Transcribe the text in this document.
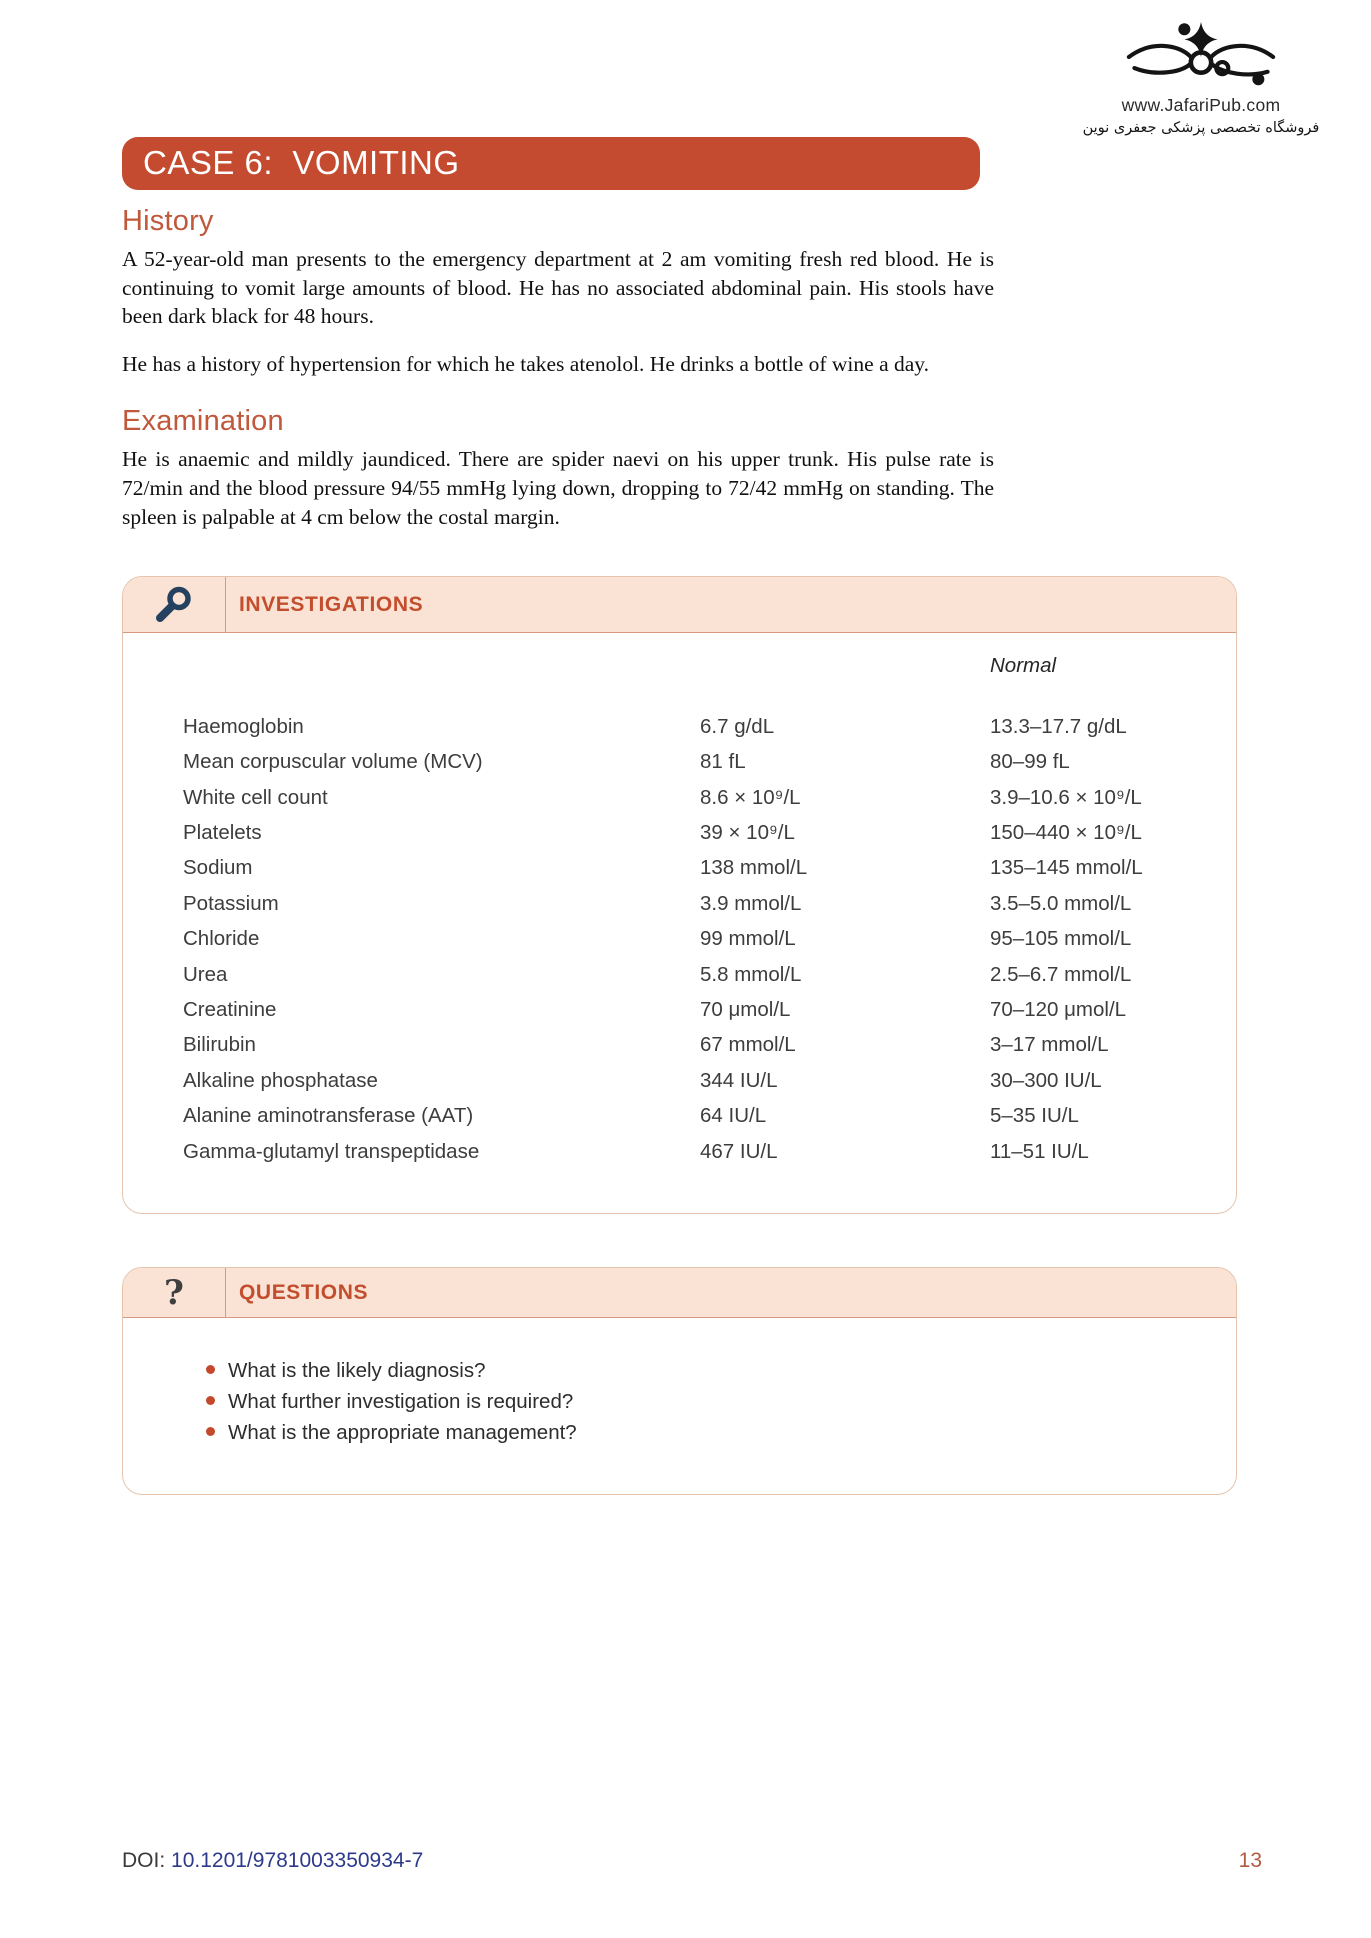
www.JafariPub.com
فروشگاه تخصصی پزشکی جعفری نوین
CASE 6:  VOMITING
History

A 52-year-old man presents to the emergency department at 2 am vomiting fresh red blood. He is continuing to vomit large amounts of blood. He has no associated abdominal pain. His stools have been dark black for 48 hours.

He has a history of hypertension for which he takes atenolol. He drinks a bottle of wine a day.

Examination

He is anaemic and mildly jaundiced. There are spider naevi on his upper trunk. His pulse rate is 72/min and the blood pressure 94/55 mmHg lying down, dropping to 72/42 mmHg on standing. The spleen is palpable at 4 cm below the costal margin.

INVESTIGATIONS
Normal
Haemoglobin	6.7 g/dL	13.3–17.7 g/dL
Mean corpuscular volume (MCV)	81 fL	80–99 fL
White cell count	8.6 × 10⁹/L	3.9–10.6 × 10⁹/L
Platelets	39 × 10⁹/L	150–440 × 10⁹/L
Sodium	138 mmol/L	135–145 mmol/L
Potassium	3.9 mmol/L	3.5–5.0 mmol/L
Chloride	99 mmol/L	95–105 mmol/L
Urea	5.8 mmol/L	2.5–6.7 mmol/L
Creatinine	70 μmol/L	70–120 μmol/L
Bilirubin	67 mmol/L	3–17 mmol/L
Alkaline phosphatase	344 IU/L	30–300 IU/L
Alanine aminotransferase (AAT)	64 IU/L	5–35 IU/L
Gamma-glutamyl transpeptidase	467 IU/L	11–51 IU/L
?	QUESTIONS
What is the likely diagnosis?
What further investigation is required?
What is the appropriate management?
DOI: 10.1201/9781003350934-7	13
